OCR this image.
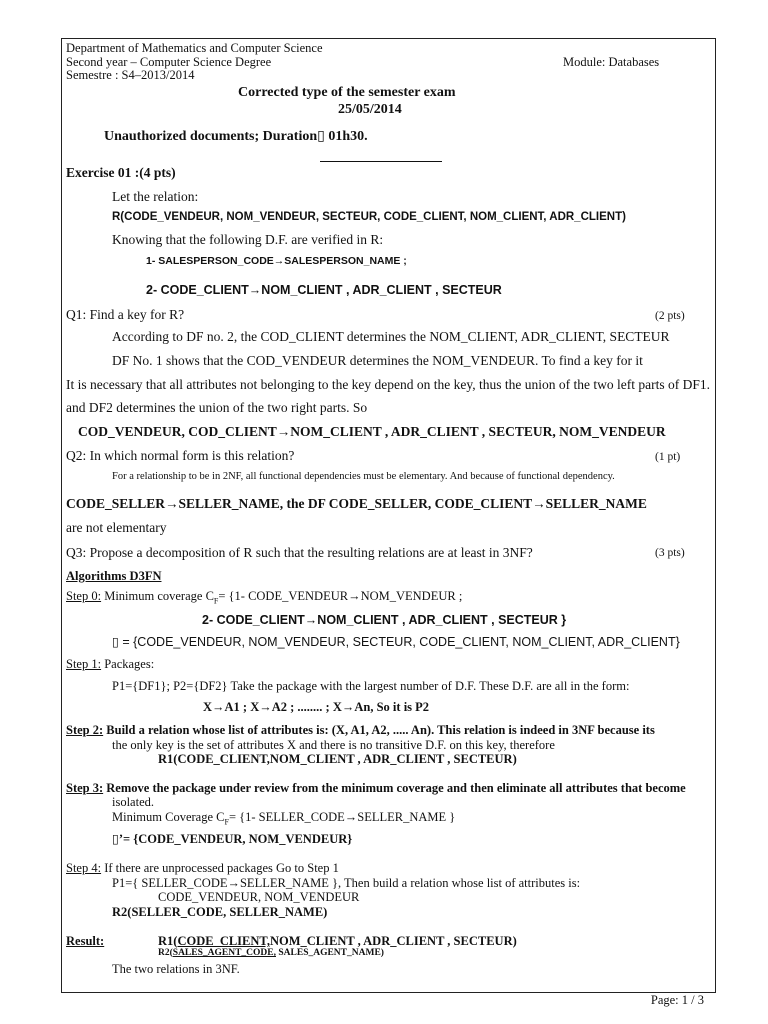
Department of Mathematics and Computer Science
Second year – Computer Science Degree	Module: Databases
Semestre : S4–2013/2014
Corrected type of the semester exam
25/05/2014
Unauthorized documents; Duration▯ 01h30.
Exercise 01 :(4 pts)
Let the relation:
R(CODE_VENDEUR, NOM_VENDEUR, SECTEUR, CODE_CLIENT, NOM_CLIENT, ADR_CLIENT)
Knowing that the following D.F. are verified in R:
1- SALESPERSON_CODE→SALESPERSON_NAME ;
2- CODE_CLIENT→NOM_CLIENT , ADR_CLIENT , SECTEUR
Q1: Find a key for R?	(2 pts)
According to DF no. 2, the COD_CLIENT determines the NOM_CLIENT, ADR_CLIENT, SECTEUR
DF No. 1 shows that the COD_VENDEUR determines the NOM_VENDEUR. To find a key for it
It is necessary that all attributes not belonging to the key depend on the key, thus the union of the two left parts of DF1.
and DF2 determines the union of the two right parts. So
COD_VENDEUR, COD_CLIENT→NOM_CLIENT , ADR_CLIENT , SECTEUR, NOM_VENDEUR
Q2: In which normal form is this relation?	(1 pt)
For a relationship to be in 2NF, all functional dependencies must be elementary. And because of functional dependency.
CODE_SELLER→SELLER_NAME, the DF CODE_SELLER, CODE_CLIENT→SELLER_NAME
are not elementary
Q3: Propose a decomposition of R such that the resulting relations are at least in 3NF?	(3 pts)
Algorithms D3FN
Step 0: Minimum coverage $C_F= \{1-$ CODE_VENDEUR→NOM_VENDEUR ;
2- CODE_CLIENT→NOM_CLIENT , ADR_CLIENT , SECTEUR }
▯ = {CODE_VENDEUR, NOM_VENDEUR, SECTEUR, CODE_CLIENT, NOM_CLIENT, ADR_CLIENT}
Step 1: Packages:
P1={DF1}; P2={DF2} Take the package with the largest number of D.F. These D.F. are all in the form:
X→A1 ; X→A2 ; ........ ; X→An, So it is P2
Step 2: Build a relation whose list of attributes is: (X, A1, A2, ..... An). This relation is indeed in 3NF because its
the only key is the set of attributes X and there is no transitive D.F. on this key, therefore
R1(CODE_CLIENT,NOM_CLIENT , ADR_CLIENT , SECTEUR)
Step 3: Remove the package under review from the minimum coverage and then eliminate all attributes that become
isolated.
Minimum Coverage $C_F= \{1-$ SELLER_CODE→SELLER_NAME }
▯’= {CODE_VENDEUR, NOM_VENDEUR}
Step 4: If there are unprocessed packages Go to Step 1
P1={ SELLER_CODE→SELLER_NAME }, Then build a relation whose list of attributes is:
CODE_VENDEUR, NOM_VENDEUR
R2(SELLER_CODE, SELLER_NAME)
Result:	R1(CODE_CLIENT,NOM_CLIENT , ADR_CLIENT , SECTEUR)
R2(SALES_AGENT_CODE, SALES_AGENT_NAME)
The two relations in 3NF.
Page: 1 / 3
